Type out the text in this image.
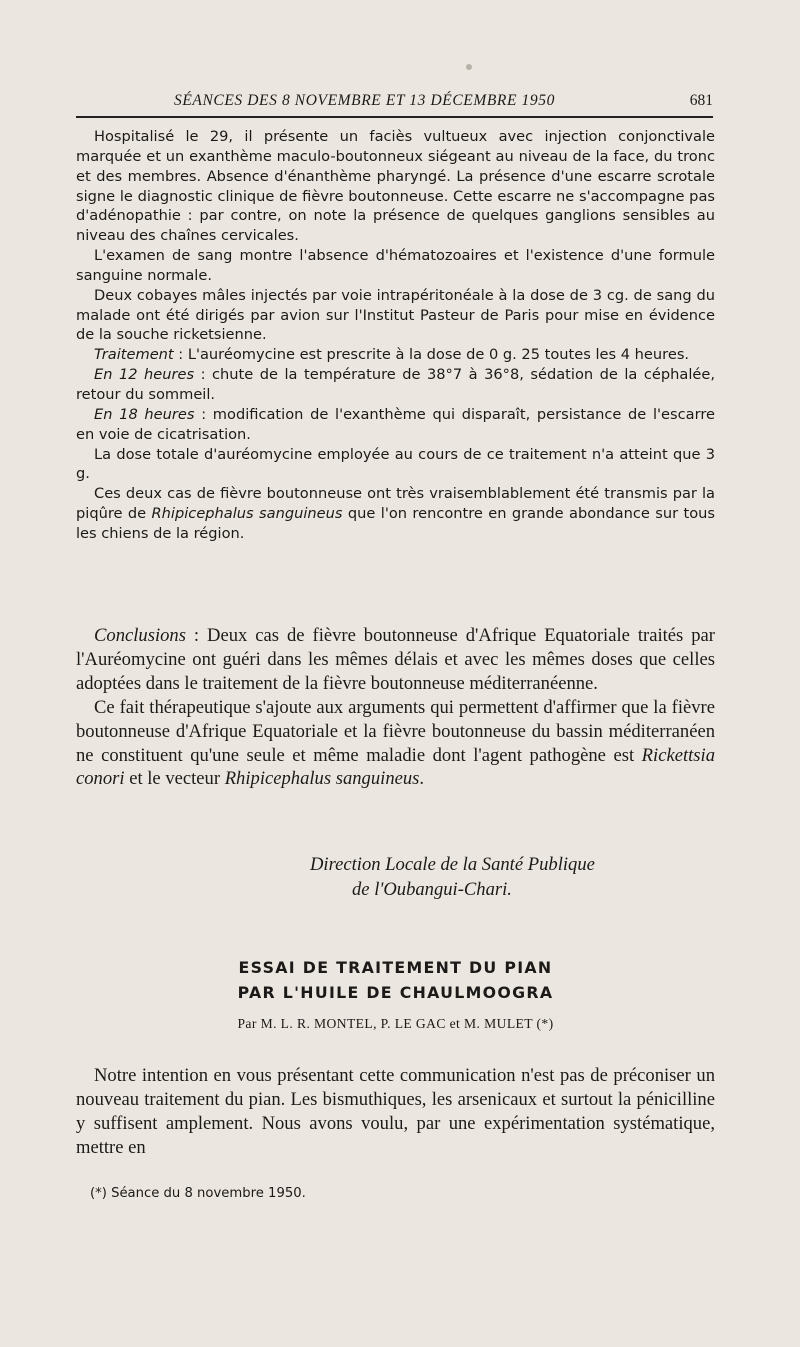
SÉANCES DES 8 NOVEMBRE ET 13 DÉCEMBRE 1950	681

Hospitalisé le 29, il présente un faciès vultueux avec injection conjonctivale marquée et un exanthème maculo-boutonneux siégeant au niveau de la face, du tronc et des membres. Absence d'énanthème pharyngé. La présence d'une escarre scrotale signe le diagnostic clinique de fièvre boutonneuse. Cette escarre ne s'accompagne pas d'adénopathie : par contre, on note la présence de quelques ganglions sensibles au niveau des chaînes cervicales.

L'examen de sang montre l'absence d'hématozoaires et l'existence d'une formule sanguine normale.

Deux cobayes mâles injectés par voie intrapéritonéale à la dose de 3 cg. de sang du malade ont été dirigés par avion sur l'Institut Pasteur de Paris pour mise en évidence de la souche ricketsienne.

Traitement : L'auréomycine est prescrite à la dose de 0 g. 25 toutes les 4 heures.

En 12 heures : chute de la température de 38°7 à 36°8, sédation de la céphalée, retour du sommeil.

En 18 heures : modification de l'exanthème qui disparaît, persistance de l'escarre en voie de cicatrisation.

La dose totale d'auréomycine employée au cours de ce traitement n'a atteint que 3 g.

Ces deux cas de fièvre boutonneuse ont très vraisemblablement été transmis par la piqûre de Rhipicephalus sanguineus que l'on rencontre en grande abondance sur tous les chiens de la région.

Conclusions : Deux cas de fièvre boutonneuse d'Afrique Equatoriale traités par l'Auréomycine ont guéri dans les mêmes délais et avec les mêmes doses que celles adoptées dans le traitement de la fièvre boutonneuse méditerranéenne.

Ce fait thérapeutique s'ajoute aux arguments qui permettent d'affirmer que la fièvre boutonneuse d'Afrique Equatoriale et la fièvre boutonneuse du bassin méditerranéen ne constituent qu'une seule et même maladie dont l'agent pathogène est Rickettsia conori et le vecteur Rhipicephalus sanguineus.

Direction Locale de la Santé Publique
de l'Oubangui-Chari.
ESSAI DE TRAITEMENT DU PIAN
PAR L'HUILE DE CHAULMOOGRA
Par M. L. R. MONTEL, P. LE GAC et M. MULET (*)

Notre intention en vous présentant cette communication n'est pas de préconiser un nouveau traitement du pian. Les bismuthiques, les arsenicaux et surtout la pénicilline y suffisent amplement. Nous avons voulu, par une expérimentation systématique, mettre en

(*) Séance du 8 novembre 1950.
